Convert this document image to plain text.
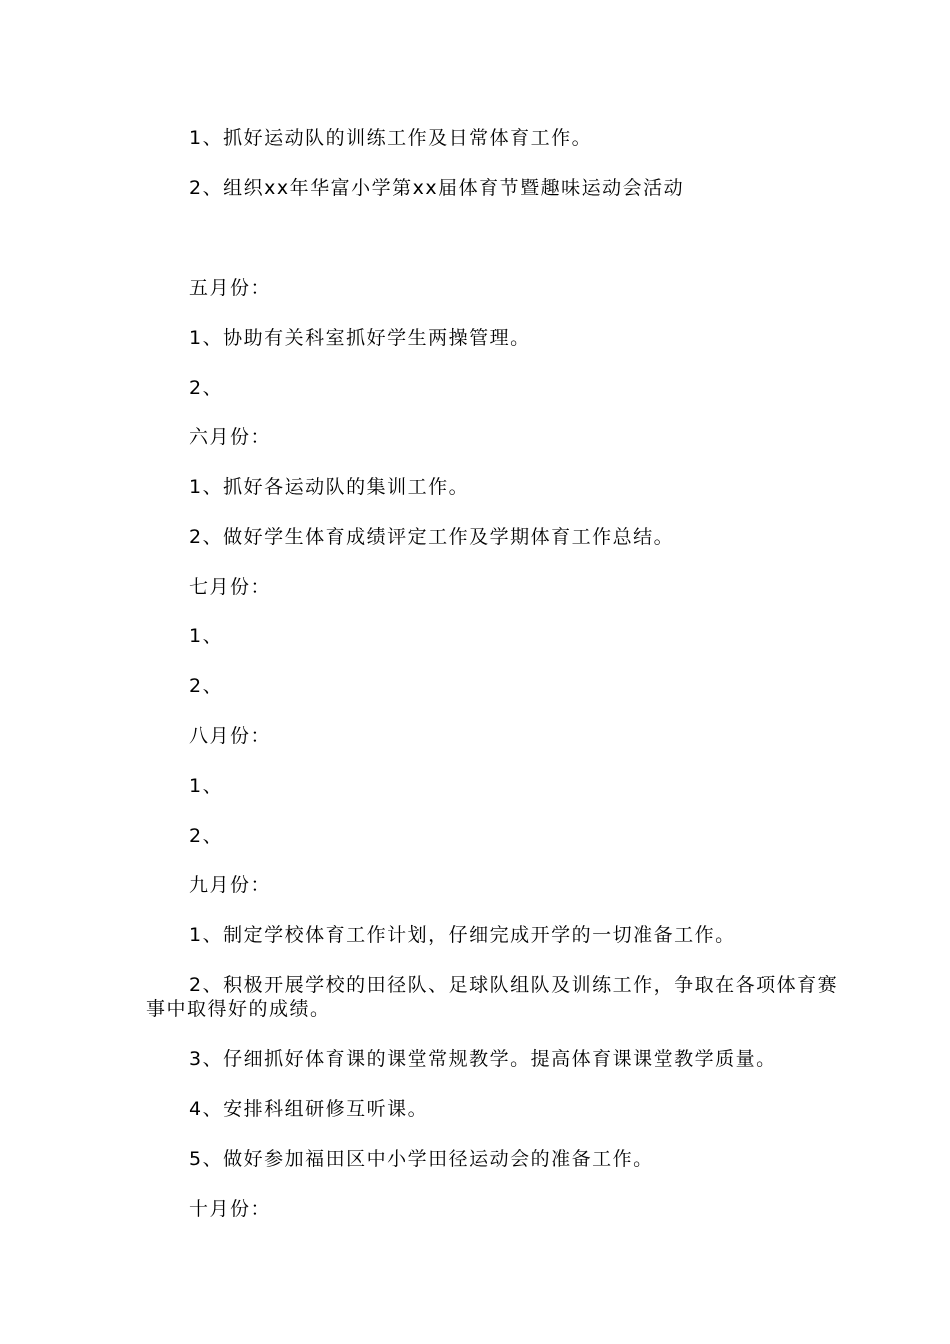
1、抓好运动队的训练工作及日常体育工作。
2、组织xx年华富小学第xx届体育节暨趣味运动会活动
五月份：
1、协助有关科室抓好学生两操管理。
2、
六月份：
1、抓好各运动队的集训工作。
2、做好学生体育成绩评定工作及学期体育工作总结。
七月份：
1、
2、
八月份：
1、
2、
九月份：
1、制定学校体育工作计划，仔细完成开学的一切准备工作。
2、积极开展学校的田径队、足球队组队及训练工作，争取在各项体育赛事中取得好的成绩。
3、仔细抓好体育课的课堂常规教学。提高体育课课堂教学质量。
4、安排科组研修互听课。
5、做好参加福田区中小学田径运动会的准备工作。
十月份：
